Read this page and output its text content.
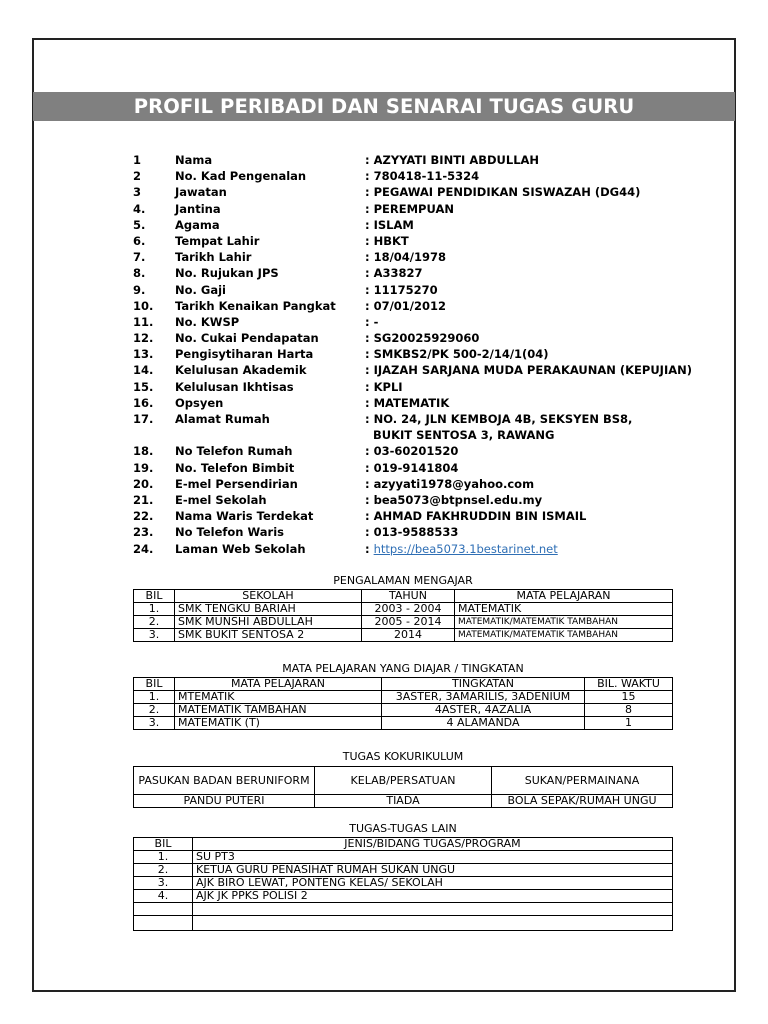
PROFIL PERIBADI DAN SENARAI TUGAS GURU
1	Nama	: AZYYATI BINTI ABDULLAH
2	No. Kad Pengenalan	: 780418-11-5324
3	Jawatan	: PEGAWAI PENDIDIKAN SISWAZAH (DG44)
4.	Jantina	: PEREMPUAN
5.	Agama	: ISLAM
6.	Tempat Lahir	: HBKT
7.	Tarikh Lahir	: 18/04/1978
8.	No. Rujukan JPS	: A33827
9.	No. Gaji	: 11175270
10. Tarikh Kenaikan Pangkat	: 07/01/2012
11. No. KWSP	: -
12. No. Cukai Pendapatan	: SG20025929060
13. Pengisytiharan Harta	: SMKBS2/PK 500-2/14/1(04)
14. Kelulusan Akademik	: IJAZAH SARJANA MUDA PERAKAUNAN (KEPUJIAN)
15. Kelulusan Ikhtisas	: KPLI
16. Opsyen	: MATEMATIK
17. Alamat Rumah	: NO. 24, JLN KEMBOJA 4B, SEKSYEN BS8,
BUKIT SENTOSA 3, RAWANG
18. No Telefon Rumah	: 03-60201520
19. No. Telefon Bimbit	: 019-9141804
20. E-mel Persendirian	: azyyati1978@yahoo.com
21. E-mel Sekolah	: bea5073@btpnsel.edu.my
22. Nama Waris Terdekat	: AHMAD FAKHRUDDIN BIN ISMAIL
23. No Telefon Waris	: 013-9588533
24. Laman Web Sekolah	: https://bea5073.1bestarinet.net
PENGALAMAN MENGAJAR
BIL	SEKOLAH	TAHUN	MATA PELAJARAN
1.	SMK TENGKU BARIAH	2003 - 2004	MATEMATIK
2.	SMK MUNSHI ABDULLAH	2005 - 2014	MATEMATIK/MATEMATIK TAMBAHAN
3.	SMK BUKIT SENTOSA 2	2014	MATEMATIK/MATEMATIK TAMBAHAN
MATA PELAJARAN YANG DIAJAR / TINGKATAN
BIL	MATA PELAJARAN	TINGKATAN	BIL. WAKTU
1.	MTEMATIK	3ASTER, 3AMARILIS, 3ADENIUM	15
2.	MATEMATIK TAMBAHAN	4ASTER, 4AZALIA	8
3.	MATEMATIK (T)	4 ALAMANDA	1
TUGAS KOKURIKULUM
PASUKAN BADAN BERUNIFORM	KELAB/PERSATUAN	SUKAN/PERMAINANA
PANDU PUTERI	TIADA	BOLA SEPAK/RUMAH UNGU
TUGAS-TUGAS LAIN
BIL	JENIS/BIDANG TUGAS/PROGRAM
1.	SU PT3
2.	KETUA GURU PENASIHAT RUMAH SUKAN UNGU
3.	AJK BIRO LEWAT, PONTENG KELAS/ SEKOLAH
4.	AJK JK PPKS POLISI 2
